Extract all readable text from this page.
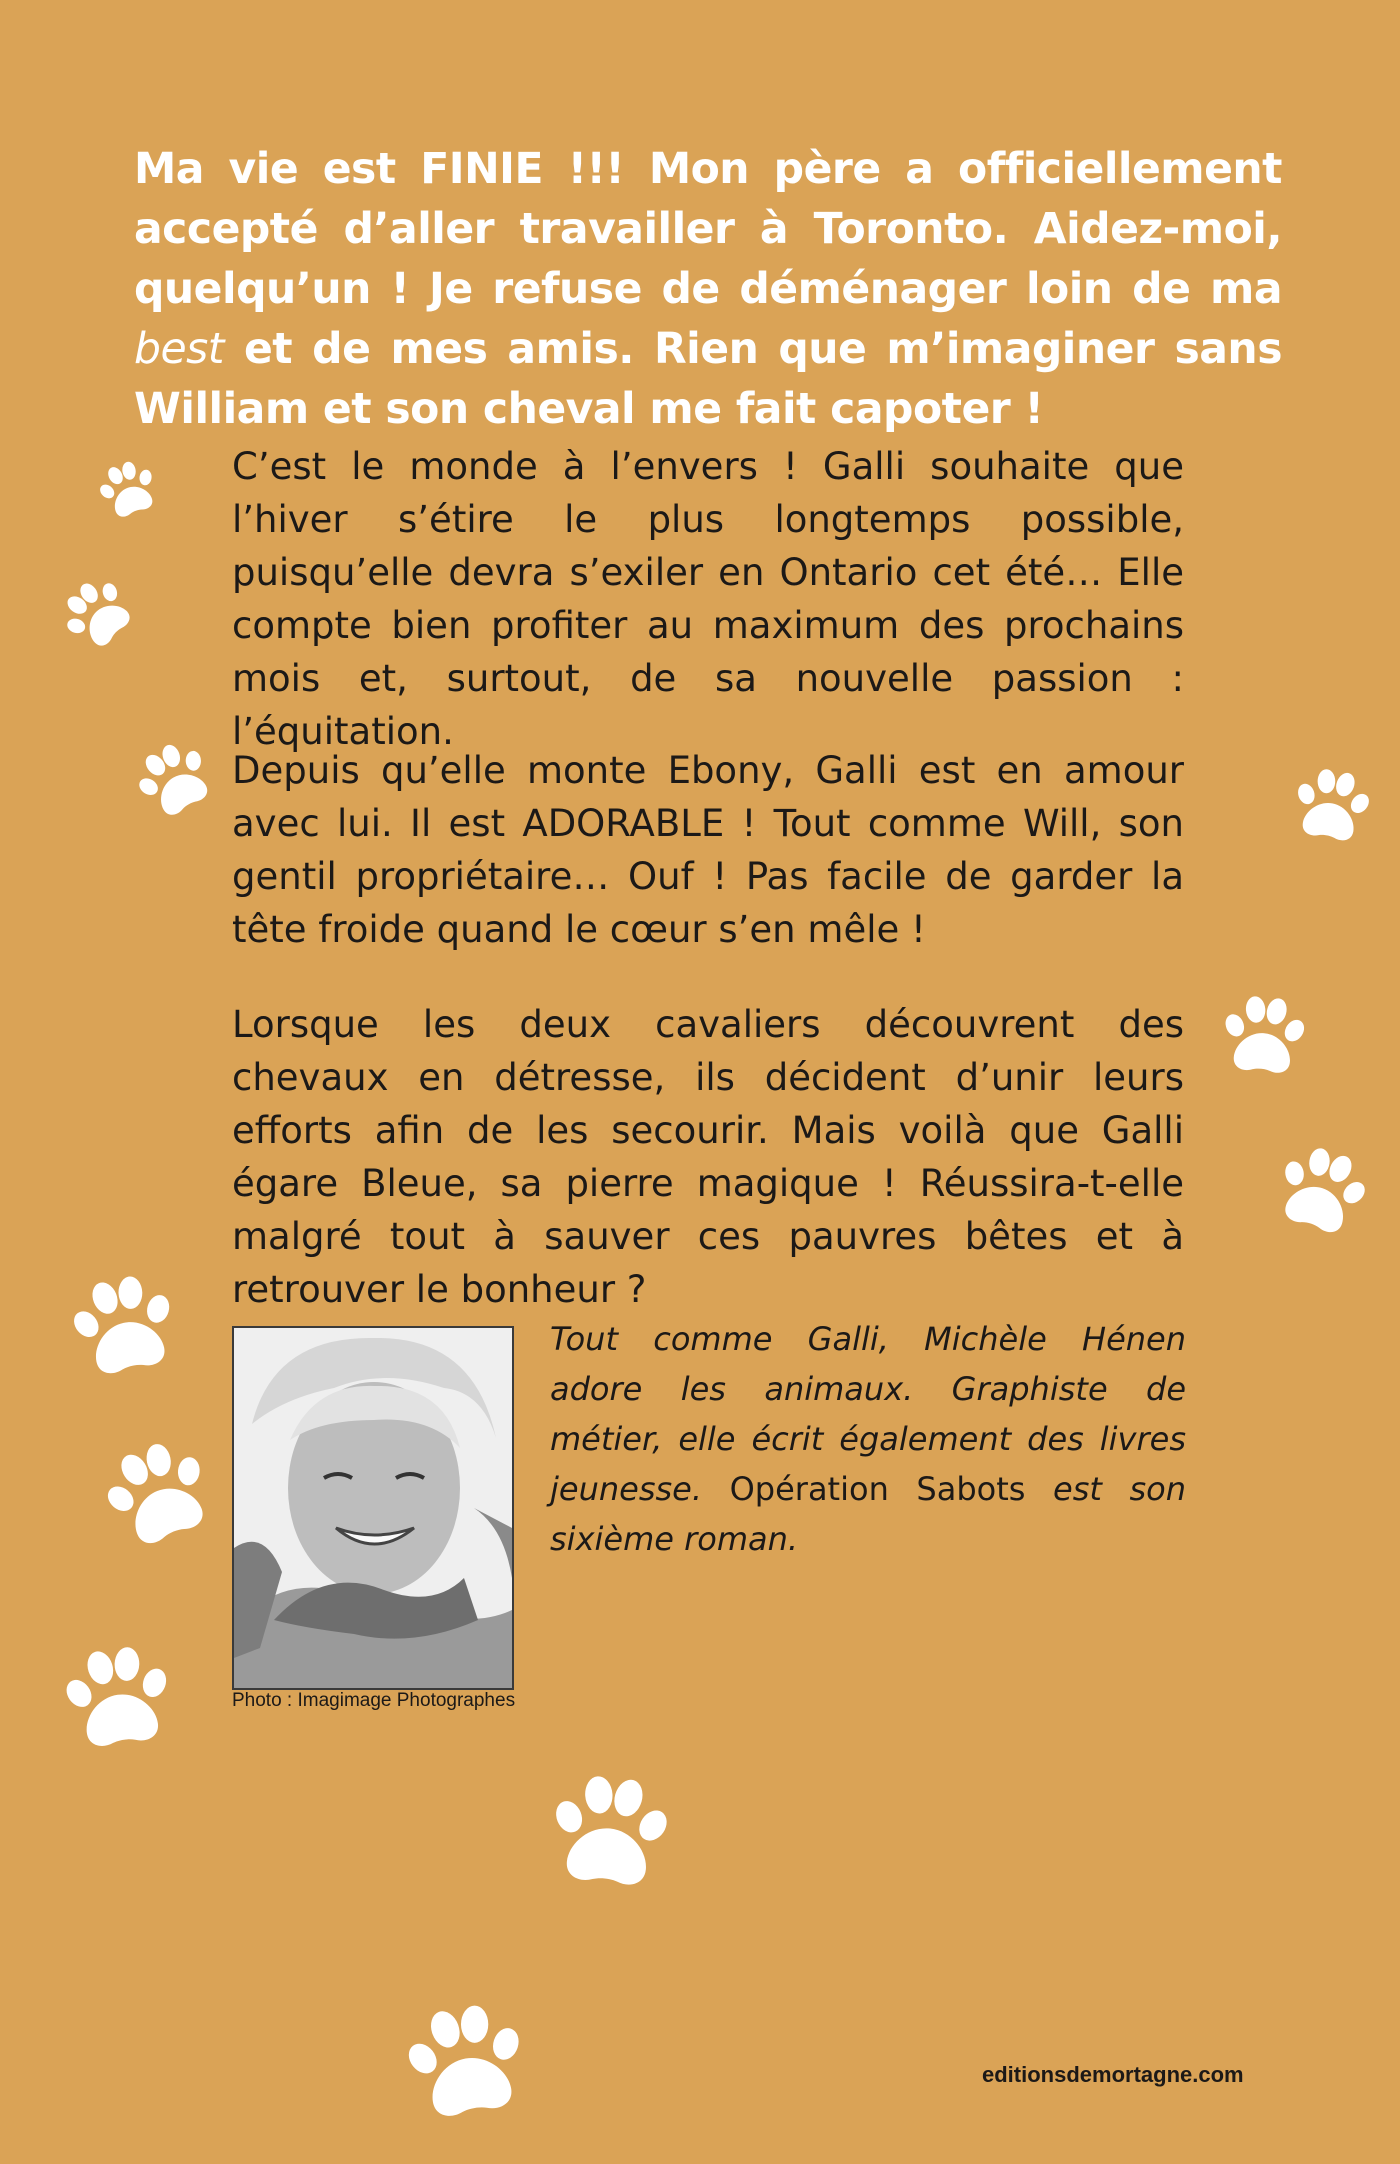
Ma vie est FINIE !!! Mon père a officiellement accepté d’aller travailler à Toronto. Aidez-moi, quelqu’un ! Je refuse de déménager loin de ma best et de mes amis. Rien que m’imaginer sans William et son cheval me fait capoter !
C’est le monde à l’envers ! Galli souhaite que l’hiver s’étire le plus longtemps possible, puisqu’elle devra s’exiler en Ontario cet été… Elle compte bien profiter au maximum des prochains mois et, surtout, de sa nouvelle passion : l’équitation.
Depuis qu’elle monte Ebony, Galli est en amour avec lui. Il est ADORABLE ! Tout comme Will, son gentil propriétaire… Ouf ! Pas facile de garder la tête froide quand le cœur s’en mêle !
Lorsque les deux cavaliers découvrent des chevaux en détresse, ils décident d’unir leurs efforts afin de les secourir. Mais voilà que Galli égare Bleue, sa pierre magique ! Réussira-t-elle malgré tout à sauver ces pauvres bêtes et à retrouver le bonheur ?
Photo : Imagimage Photographes
Tout comme Galli, Michèle Hénen adore les animaux. Graphiste de métier, elle écrit également des livres jeunesse. Opération Sabots est son sixième roman.
editionsdemortagne.com
